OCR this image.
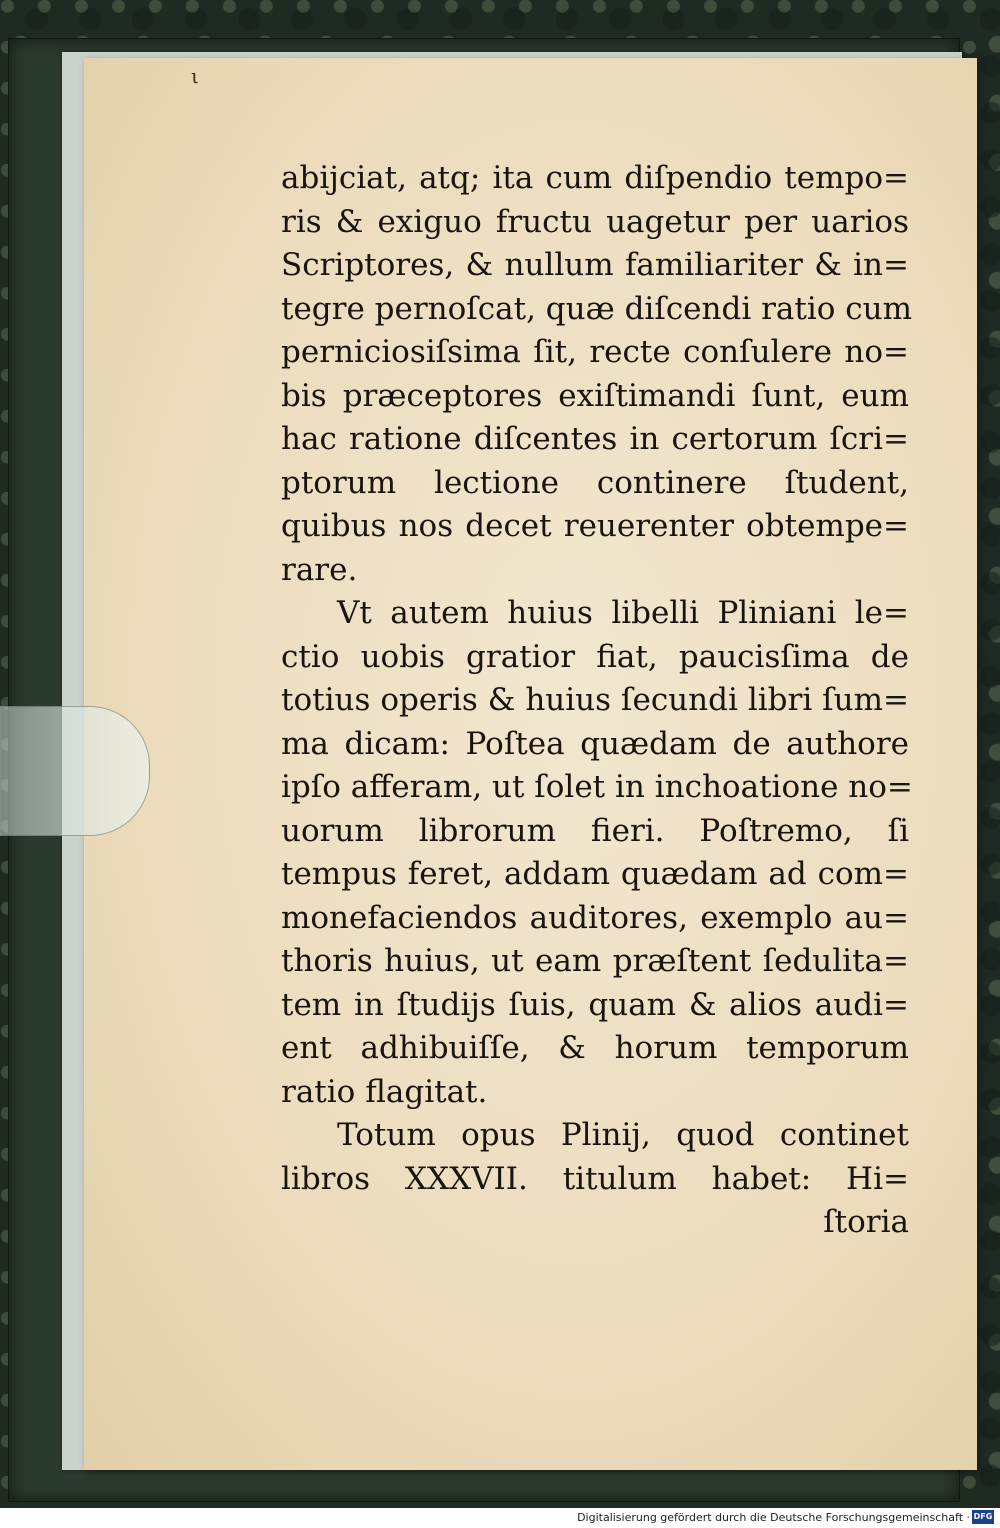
ι
abijciat, atq; ita cum diſpendio tempo=
ris & exiguo fructu uagetur per uarios
Scriptores, & nullum familiariter & in=
tegre pernoſcat, quæ diſcendi ratio cum
perniciosiſsima ſit, recte conſulere no=
bis præceptores exiſtimandi ſunt, eum
hac ratione diſcentes in certorum ſcri=
ptorum lectione continere ſtudent,
quibus nos decet reuerenter obtempe=
rare.
Vt autem huius libelli Pliniani le=
ctio uobis gratior fiat, paucisſima de
totius operis & huius ſecundi libri ſum=
ma dicam: Poſtea quædam de authore
ipſo afferam, ut ſolet in inchoatione no=
uorum librorum fieri. Poſtremo, ſi
tempus feret, addam quædam ad com=
monefaciendos auditores, exemplo au=
thoris huius, ut eam præſtent ſedulita=
tem in ſtudijs ſuis, quam & alios audi=
ent adhibuiſſe, & horum temporum
ratio flagitat.
Totum opus Plinij, quod continet
libros XXXVII. titulum habet: Hi=
ſtoria
Digitalisierung gefördert durch die Deutsche Forschungsgemeinschaft · DFG
